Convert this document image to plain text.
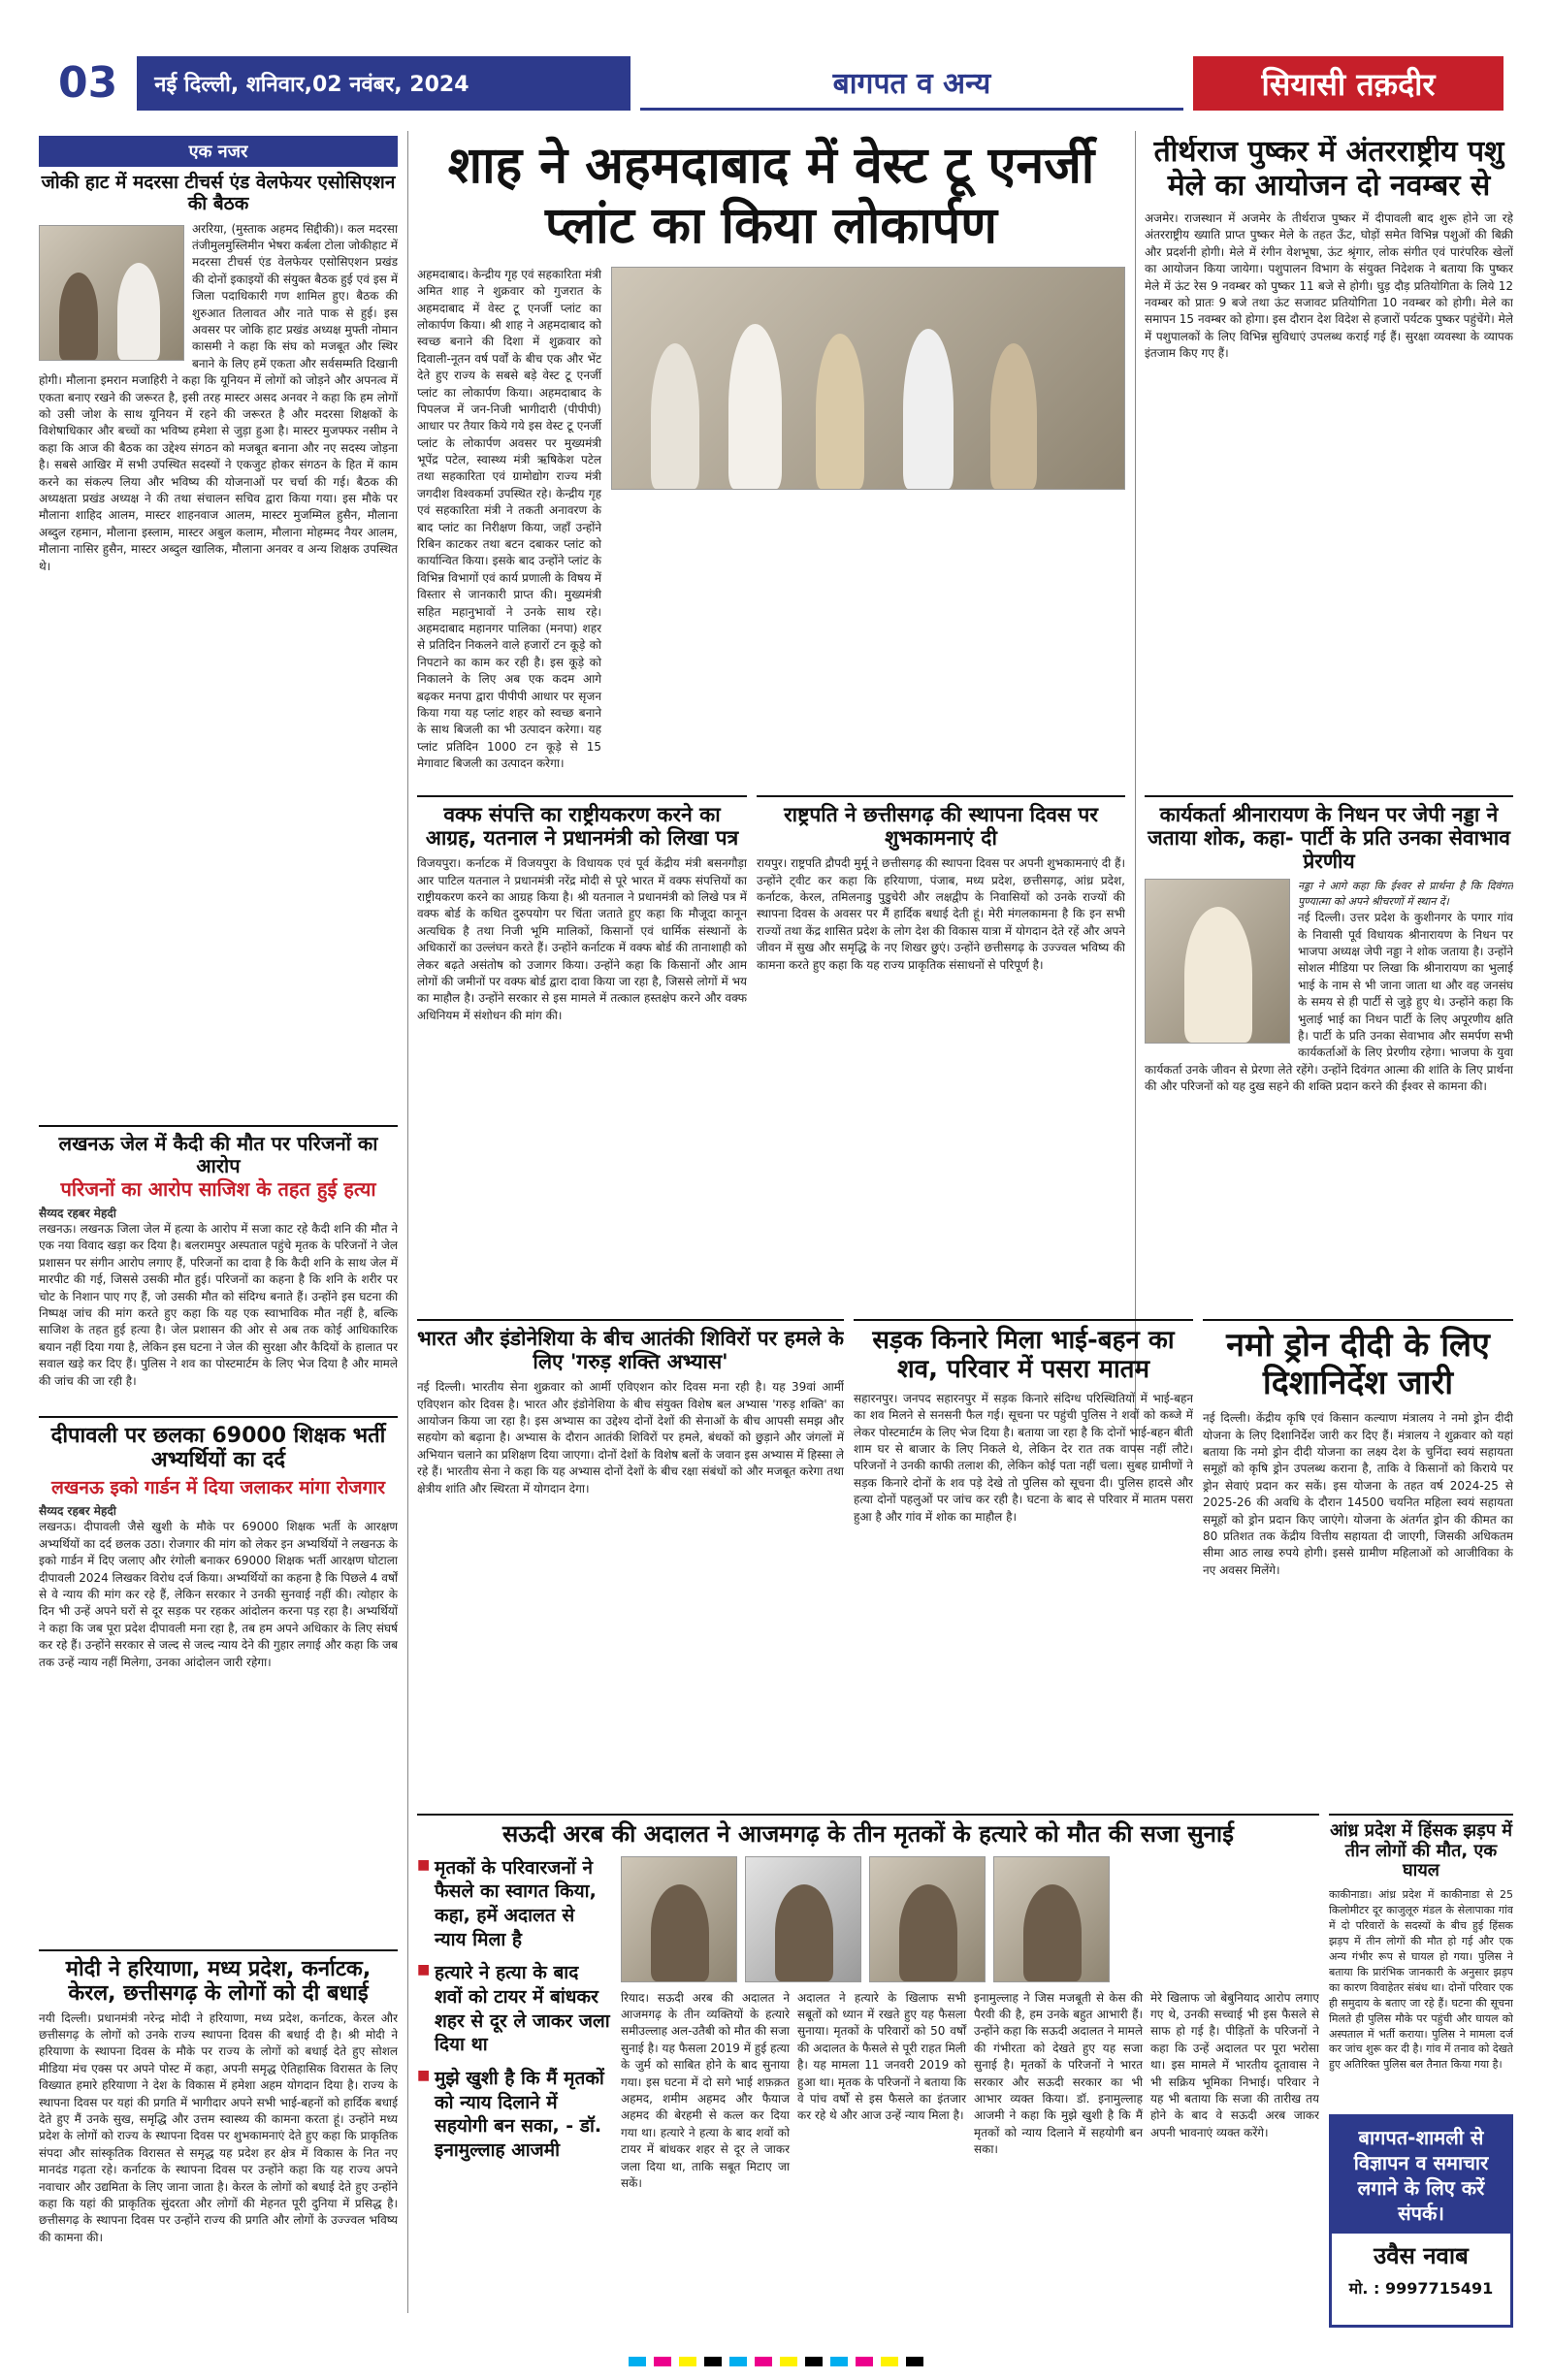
03	नई दिल्ली, शनिवार,02 नवंबर, 2024	बागपत व अन्य	सियासी तक़दीर
एक नजर
जोकी हाट में मदरसा टीचर्स एंड वेलफेयर एसोसिएशन की बैठक
अररिया, (मुस्ताक अहमद सिद्दीकी)। कल मदरसा तंजीमुलमुस्लिमीन भेषरा कर्बला टोला जोकीहाट में मदरसा टीचर्स एंड वेलफेयर एसोसिएशन प्रखंड की दोनों इकाइयों की संयुक्त बैठक हुई एवं इस में जिला पदाधिकारी गण शामिल हुए। बैठक की शुरुआत तिलावत और नाते पाक से हुई। इस अवसर पर जोकि हाट प्रखंड अध्यक्ष मुफ्ती नोमान कासमी ने कहा कि संघ को मजबूत और स्थिर बनाने के लिए हमें एकता और सर्वसम्मति दिखानी होगी। मौलाना इमरान मजाहिरी ने कहा कि यूनियन में लोगों को जोड़ने और अपनत्व में एकता बनाए रखने की जरूरत है, इसी तरह मास्टर असद अनवर ने कहा कि हम लोगों को उसी जोश के साथ यूनियन में रहने की जरूरत है और मदरसा शिक्षकों के विशेषाधिकार और बच्चों का भविष्य हमेशा से जुड़ा हुआ है। मास्टर मुजफ्फर नसीम ने कहा कि आज की बैठक का उद्देश्य संगठन को मजबूत बनाना और नए सदस्य जोड़ना है। सबसे आखिर में सभी उपस्थित सदस्यों ने एकजुट होकर संगठन के हित में काम करने का संकल्प लिया और भविष्य की योजनाओं पर चर्चा की गई। बैठक की अध्यक्षता प्रखंड अध्यक्ष ने की तथा संचालन सचिव द्वारा किया गया। इस मौके पर मौलाना शाहिद आलम, मास्टर शाहनवाज आलम, मास्टर मुजम्मिल हुसैन, मौलाना अब्दुल रहमान, मौलाना इस्लाम, मास्टर अबुल कलाम, मौलाना मोहम्मद नैयर आलम, मौलाना नासिर हुसैन, मास्टर अब्दुल खालिक, मौलाना अनवर व अन्य शिक्षक उपस्थित थे।
लखनऊ जेल में कैदी की मौत पर परिजनों का आरोप
परिजनों का आरोप साजिश के तहत हुई हत्या
सैय्यद रहबर मेहदी
लखनऊ। लखनऊ जिला जेल में हत्या के आरोप में सजा काट रहे कैदी शनि की मौत ने एक नया विवाद खड़ा कर दिया है। बलरामपुर अस्पताल पहुंचे मृतक के परिजनों ने जेल प्रशासन पर संगीन आरोप लगाए हैं, परिजनों का दावा है कि कैदी शनि के साथ जेल में मारपीट की गई, जिससे उसकी मौत हुई। परिजनों का कहना है कि शनि के शरीर पर चोट के निशान पाए गए हैं, जो उसकी मौत को संदिग्ध बनाते हैं। उन्होंने इस घटना की निष्पक्ष जांच की मांग करते हुए कहा कि यह एक स्वाभाविक मौत नहीं है, बल्कि साजिश के तहत हुई हत्या है। जेल प्रशासन की ओर से अब तक कोई आधिकारिक बयान नहीं दिया गया है, लेकिन इस घटना ने जेल की सुरक्षा और कैदियों के हालात पर सवाल खड़े कर दिए हैं। पुलिस ने शव का पोस्टमार्टम के लिए भेज दिया है और मामले की जांच की जा रही है।
दीपावली पर छलका 69000 शिक्षक भर्ती अभ्यर्थियों का दर्द
लखनऊ इको गार्डन में दिया जलाकर मांगा रोजगार
सैय्यद रहबर मेहदी
लखनऊ। दीपावली जैसे खुशी के मौके पर 69000 शिक्षक भर्ती के आरक्षण अभ्यर्थियों का दर्द छलक उठा। रोजगार की मांग को लेकर इन अभ्यर्थियों ने लखनऊ के इको गार्डन में दिए जलाए और रंगोली बनाकर 69000 शिक्षक भर्ती आरक्षण घोटाला दीपावली 2024 लिखकर विरोध दर्ज किया। अभ्यर्थियों का कहना है कि पिछले 4 वर्षों से वे न्याय की मांग कर रहे हैं, लेकिन सरकार ने उनकी सुनवाई नहीं की। त्योहार के दिन भी उन्हें अपने घरों से दूर सड़क पर रहकर आंदोलन करना पड़ रहा है। अभ्यर्थियों ने कहा कि जब पूरा प्रदेश दीपावली मना रहा है, तब हम अपने अधिकार के लिए संघर्ष कर रहे हैं। उन्होंने सरकार से जल्द से जल्द न्याय देने की गुहार लगाई और कहा कि जब तक उन्हें न्याय नहीं मिलेगा, उनका आंदोलन जारी रहेगा।
मोदी ने हरियाणा, मध्य प्रदेश, कर्नाटक, केरल, छत्तीसगढ़ के लोगों को दी बधाई
नयी दिल्ली। प्रधानमंत्री नरेन्द्र मोदी ने हरियाणा, मध्य प्रदेश, कर्नाटक, केरल और छत्तीसगढ़ के लोगों को उनके राज्य स्थापना दिवस की बधाई दी है। श्री मोदी ने हरियाणा के स्थापना दिवस के मौके पर राज्य के लोगों को बधाई देते हुए सोशल मीडिया मंच एक्स पर अपने पोस्ट में कहा, अपनी समृद्ध ऐतिहासिक विरासत के लिए विख्यात हमारे हरियाणा ने देश के विकास में हमेशा अहम योगदान दिया है। राज्य के स्थापना दिवस पर यहां की प्रगति में भागीदार अपने सभी भाई-बहनों को हार्दिक बधाई देते हुए मैं उनके सुख, समृद्धि और उत्तम स्वास्थ्य की कामना करता हूं। उन्होंने मध्य प्रदेश के लोगों को राज्य के स्थापना दिवस पर शुभकामनाएं देते हुए कहा कि प्राकृतिक संपदा और सांस्कृतिक विरासत से समृद्ध यह प्रदेश हर क्षेत्र में विकास के नित नए मानदंड गढ़ता रहे। कर्नाटक के स्थापना दिवस पर उन्होंने कहा कि यह राज्य अपने नवाचार और उद्यमिता के लिए जाना जाता है। केरल के लोगों को बधाई देते हुए उन्होंने कहा कि यहां की प्राकृतिक सुंदरता और लोगों की मेहनत पूरी दुनिया में प्रसिद्ध है। छत्तीसगढ़ के स्थापना दिवस पर उन्होंने राज्य की प्रगति और लोगों के उज्ज्वल भविष्य की कामना की।
शाह ने अहमदाबाद में वेस्ट टू एनर्जी प्लांट का किया लोकार्पण
अहमदाबाद। केन्द्रीय गृह एवं सहकारिता मंत्री अमित शाह ने शुक्रवार को गुजरात के अहमदाबाद में वेस्ट टू एनर्जी प्लांट का लोकार्पण किया। श्री शाह ने अहमदाबाद को स्वच्छ बनाने की दिशा में शुक्रवार को दिवाली-नूतन वर्ष पर्वों के बीच एक और भेंट देते हुए राज्य के सबसे बड़े वेस्ट टू एनर्जी प्लांट का लोकार्पण किया। अहमदाबाद के पिपलज में जन-निजी भागीदारी (पीपीपी) आधार पर तैयार किये गये इस वेस्ट टू एनर्जी प्लांट के लोकार्पण अवसर पर मुख्यमंत्री भूपेंद्र पटेल, स्वास्थ्य मंत्री ऋषिकेश पटेल तथा सहकारिता एवं ग्रामोद्योग राज्य मंत्री जगदीश विश्वकर्मा उपस्थित रहे। केन्द्रीय गृह एवं सहकारिता मंत्री ने तकती अनावरण के बाद प्लांट का निरीक्षण किया, जहाँ उन्होंने रिबिन काटकर तथा बटन दबाकर प्लांट को कार्यान्वित किया। इसके बाद उन्होंने प्लांट के विभिन्न विभागों एवं कार्य प्रणाली के विषय में विस्तार से जानकारी प्राप्त की। मुख्यमंत्री सहित महानुभावों ने उनके साथ रहे। अहमदाबाद महानगर पालिका (मनपा) शहर से प्रतिदिन निकलने वाले हजारों टन कूड़े को निपटाने का काम कर रही है। इस कूड़े को निकालने के लिए अब एक कदम आगे बढ़कर मनपा द्वारा पीपीपी आधार पर सृजन किया गया यह प्लांट शहर को स्वच्छ बनाने के साथ बिजली का भी उत्पादन करेगा। यह प्लांट प्रतिदिन 1000 टन कूड़े से 15 मेगावाट बिजली का उत्पादन करेगा।
वक्फ संपत्ति का राष्ट्रीयकरण करने का आग्रह, यतनाल ने प्रधानमंत्री को लिखा पत्र
विजयपुरा। कर्नाटक में विजयपुरा के विधायक एवं पूर्व केंद्रीय मंत्री बसनगौड़ा आर पाटिल यतनाल ने प्रधानमंत्री नरेंद्र मोदी से पूरे भारत में वक्फ संपत्तियों का राष्ट्रीयकरण करने का आग्रह किया है। श्री यतनाल ने प्रधानमंत्री को लिखे पत्र में वक्फ बोर्ड के कथित दुरुपयोग पर चिंता जताते हुए कहा कि मौजूदा कानून अत्यधिक है तथा निजी भूमि मालिकों, किसानों एवं धार्मिक संस्थानों के अधिकारों का उल्लंघन करते हैं। उन्होंने कर्नाटक में वक्फ बोर्ड की तानाशाही को लेकर बढ़ते असंतोष को उजागर किया। उन्होंने कहा कि किसानों और आम लोगों की जमीनों पर वक्फ बोर्ड द्वारा दावा किया जा रहा है, जिससे लोगों में भय का माहौल है। उन्होंने सरकार से इस मामले में तत्काल हस्तक्षेप करने और वक्फ अधिनियम में संशोधन की मांग की।
राष्ट्रपति ने छत्तीसगढ़ की स्थापना दिवस पर शुभकामनाएं दी
रायपुर। राष्ट्रपति द्रौपदी मुर्मू ने छत्तीसगढ़ की स्थापना दिवस पर अपनी शुभकामनाएं दी हैं। उन्होंने ट्वीट कर कहा कि हरियाणा, पंजाब, मध्य प्रदेश, छत्तीसगढ़, आंध्र प्रदेश, कर्नाटक, केरल, तमिलनाडु पुडुचेरी और लक्षद्वीप के निवासियों को उनके राज्यों की स्थापना दिवस के अवसर पर मैं हार्दिक बधाई देती हूं। मेरी मंगलकामना है कि इन सभी राज्यों तथा केंद्र शासित प्रदेश के लोग देश की विकास यात्रा में योगदान देते रहें और अपने जीवन में सुख और समृद्धि के नए शिखर छुएं। उन्होंने छत्तीसगढ़ के उज्ज्वल भविष्य की कामना करते हुए कहा कि यह राज्य प्राकृतिक संसाधनों से परिपूर्ण है।
भारत और इंडोनेशिया के बीच आतंकी शिविरों पर हमले के लिए 'गरुड़ शक्ति अभ्यास'
नई दिल्ली। भारतीय सेना शुक्रवार को आर्मी एविएशन कोर दिवस मना रही है। यह 39वां आर्मी एविएशन कोर दिवस है। भारत और इंडोनेशिया के बीच संयुक्त विशेष बल अभ्यास 'गरुड़ शक्ति' का आयोजन किया जा रहा है। इस अभ्यास का उद्देश्य दोनों देशों की सेनाओं के बीच आपसी समझ और सहयोग को बढ़ाना है। अभ्यास के दौरान आतंकी शिविरों पर हमले, बंधकों को छुड़ाने और जंगलों में अभियान चलाने का प्रशिक्षण दिया जाएगा। दोनों देशों के विशेष बलों के जवान इस अभ्यास में हिस्सा ले रहे हैं। भारतीय सेना ने कहा कि यह अभ्यास दोनों देशों के बीच रक्षा संबंधों को और मजबूत करेगा तथा क्षेत्रीय शांति और स्थिरता में योगदान देगा।
सड़क किनारे मिला भाई-बहन का शव, परिवार में पसरा मातम
सहारनपुर। जनपद सहारनपुर में सड़क किनारे संदिग्ध परिस्थितियों में भाई-बहन का शव मिलने से सनसनी फैल गई। सूचना पर पहुंची पुलिस ने शवों को कब्जे में लेकर पोस्टमार्टम के लिए भेज दिया है। बताया जा रहा है कि दोनों भाई-बहन बीती शाम घर से बाजार के लिए निकले थे, लेकिन देर रात तक वापस नहीं लौटे। परिजनों ने उनकी काफी तलाश की, लेकिन कोई पता नहीं चला। सुबह ग्रामीणों ने सड़क किनारे दोनों के शव पड़े देखे तो पुलिस को सूचना दी। पुलिस हादसे और हत्या दोनों पहलुओं पर जांच कर रही है। घटना के बाद से परिवार में मातम पसरा हुआ है और गांव में शोक का माहौल है।
तीर्थराज पुष्कर में अंतरराष्ट्रीय पशु मेले का आयोजन दो नवम्बर से
अजमेर। राजस्थान में अजमेर के तीर्थराज पुष्कर में दीपावली बाद शुरू होने जा रहे अंतरराष्ट्रीय ख्याति प्राप्त पुष्कर मेले के तहत ऊँट, घोड़ों समेत विभिन्न पशुओं की बिक्री और प्रदर्शनी होगी। मेले में रंगीन वेशभूषा, ऊंट श्रृंगार, लोक संगीत एवं पारंपरिक खेलों का आयोजन किया जायेगा। पशुपालन विभाग के संयुक्त निदेशक ने बताया कि पुष्कर मेले में ऊंट रेस 9 नवम्बर को पुष्कर 11 बजे से होगी। घुड़ दौड़ प्रतियोगिता के लिये 12 नवम्बर को प्रातः 9 बजे तथा ऊंट सजावट प्रतियोगिता 10 नवम्बर को होगी। मेले का समापन 15 नवम्बर को होगा। इस दौरान देश विदेश से हजारों पर्यटक पुष्कर पहुंचेंगे। मेले में पशुपालकों के लिए विभिन्न सुविधाएं उपलब्ध कराई गई हैं। सुरक्षा व्यवस्था के व्यापक इंतजाम किए गए हैं।
कार्यकर्ता श्रीनारायण के निधन पर जेपी नड्डा ने जताया शोक, कहा- पार्टी के प्रति उनका सेवाभाव प्रेरणीय
नड्डा ने आगे कहा कि ईश्वर से प्रार्थना है कि दिवंगत पुण्यात्मा को अपने श्रीचरणों में स्थान दें।
नई दिल्ली। उत्तर प्रदेश के कुशीनगर के पगार गांव के निवासी पूर्व विधायक श्रीनारायण के निधन पर भाजपा अध्यक्ष जेपी नड्डा ने शोक जताया है। उन्होंने सोशल मीडिया पर लिखा कि श्रीनारायण का भुलाई भाई के नाम से भी जाना जाता था और वह जनसंघ के समय से ही पार्टी से जुड़े हुए थे। उन्होंने कहा कि भुलाई भाई का निधन पार्टी के लिए अपूरणीय क्षति है। पार्टी के प्रति उनका सेवाभाव और समर्पण सभी कार्यकर्ताओं के लिए प्रेरणीय रहेगा। भाजपा के युवा कार्यकर्ता उनके जीवन से प्रेरणा लेते रहेंगे। उन्होंने दिवंगत आत्मा की शांति के लिए प्रार्थना की और परिजनों को यह दुख सहने की शक्ति प्रदान करने की ईश्वर से कामना की।
नमो ड्रोन दीदी के लिए दिशानिर्देश जारी
नई दिल्ली। केंद्रीय कृषि एवं किसान कल्याण मंत्रालय ने नमो ड्रोन दीदी योजना के लिए दिशानिर्देश जारी कर दिए हैं। मंत्रालय ने शुक्रवार को यहां बताया कि नमो ड्रोन दीदी योजना का लक्ष्य देश के चुनिंदा स्वयं सहायता समूहों को कृषि ड्रोन उपलब्ध कराना है, ताकि वे किसानों को किराये पर ड्रोन सेवाएं प्रदान कर सकें। इस योजना के तहत वर्ष 2024-25 से 2025-26 की अवधि के दौरान 14500 चयनित महिला स्वयं सहायता समूहों को ड्रोन प्रदान किए जाएंगे। योजना के अंतर्गत ड्रोन की कीमत का 80 प्रतिशत तक केंद्रीय वित्तीय सहायता दी जाएगी, जिसकी अधिकतम सीमा आठ लाख रुपये होगी। इससे ग्रामीण महिलाओं को आजीविका के नए अवसर मिलेंगे।
सऊदी अरब की अदालत ने आजमगढ़ के तीन मृतकों के हत्यारे को मौत की सजा सुनाई
■ मृतकों के परिवारजनों ने फैसले का स्वागत किया, कहा, हमें अदालत से न्याय मिला है
■ हत्यारे ने हत्या के बाद शवों को टायर में बांधकर शहर से दूर ले जाकर जला दिया था
■ मुझे खुशी है कि मैं मृतकों को न्याय दिलाने में सहयोगी बन सका, - डॉ. इनामुल्लाह आजमी
रियाद। सऊदी अरब की अदालत ने आजमगढ़ के तीन व्यक्तियों के हत्यारे समीउल्लाह अल-उतैबी को मौत की सजा सुनाई है। यह फैसला 2019 में हुई हत्या के जुर्म को साबित होने के बाद सुनाया गया। इस घटना में दो सगे भाई शफ़क़त अहमद, शमीम अहमद और फैयाज अहमद की बेरहमी से कत्ल कर दिया गया था। हत्यारे ने हत्या के बाद शवों को टायर में बांधकर शहर से दूर ले जाकर जला दिया था, ताकि सबूत मिटाए जा सकें।
अदालत ने हत्यारे के खिलाफ सभी सबूतों को ध्यान में रखते हुए यह फैसला सुनाया। मृतकों के परिवारों को 50 वर्षों की अदालत के फैसले से पूरी राहत मिली है। यह मामला 11 जनवरी 2019 को हुआ था। मृतक के परिजनों ने बताया कि वे पांच वर्षों से इस फैसले का इंतजार कर रहे थे और आज उन्हें न्याय मिला है।
इनामुल्लाह ने जिस मजबूती से केस की पैरवी की है, हम उनके बहुत आभारी हैं। उन्होंने कहा कि सऊदी अदालत ने मामले की गंभीरता को देखते हुए यह सजा सुनाई है। मृतकों के परिजनों ने भारत सरकार और सऊदी सरकार का भी आभार व्यक्त किया। डॉ. इनामुल्लाह आजमी ने कहा कि मुझे खुशी है कि मैं मृतकों को न्याय दिलाने में सहयोगी बन सका।
मेरे खिलाफ जो बेबुनियाद आरोप लगाए गए थे, उनकी सच्चाई भी इस फैसले से साफ हो गई है। पीड़ितों के परिजनों ने कहा कि उन्हें अदालत पर पूरा भरोसा था। इस मामले में भारतीय दूतावास ने भी सक्रिय भूमिका निभाई। परिवार ने यह भी बताया कि सजा की तारीख तय होने के बाद वे सऊदी अरब जाकर अपनी भावनाएं व्यक्त करेंगे।
आंध्र प्रदेश में हिंसक झड़प में तीन लोगों की मौत, एक घायल
काकीनाडा। आंध्र प्रदेश में काकीनाडा से 25 किलोमीटर दूर काजुलूरु मंडल के सेलापाका गांव में दो परिवारों के सदस्यों के बीच हुई हिंसक झड़प में तीन लोगों की मौत हो गई और एक अन्य गंभीर रूप से घायल हो गया। पुलिस ने बताया कि प्रारंभिक जानकारी के अनुसार झड़प का कारण विवाहेतर संबंध था। दोनों परिवार एक ही समुदाय के बताए जा रहे हैं। घटना की सूचना मिलते ही पुलिस मौके पर पहुंची और घायल को अस्पताल में भर्ती कराया। पुलिस ने मामला दर्ज कर जांच शुरू कर दी है। गांव में तनाव को देखते हुए अतिरिक्त पुलिस बल तैनात किया गया है।
बागपत-शामली से विज्ञापन व समाचार लगाने के लिए करें संपर्क।
उवैस नवाब
मो. : 9997715491
